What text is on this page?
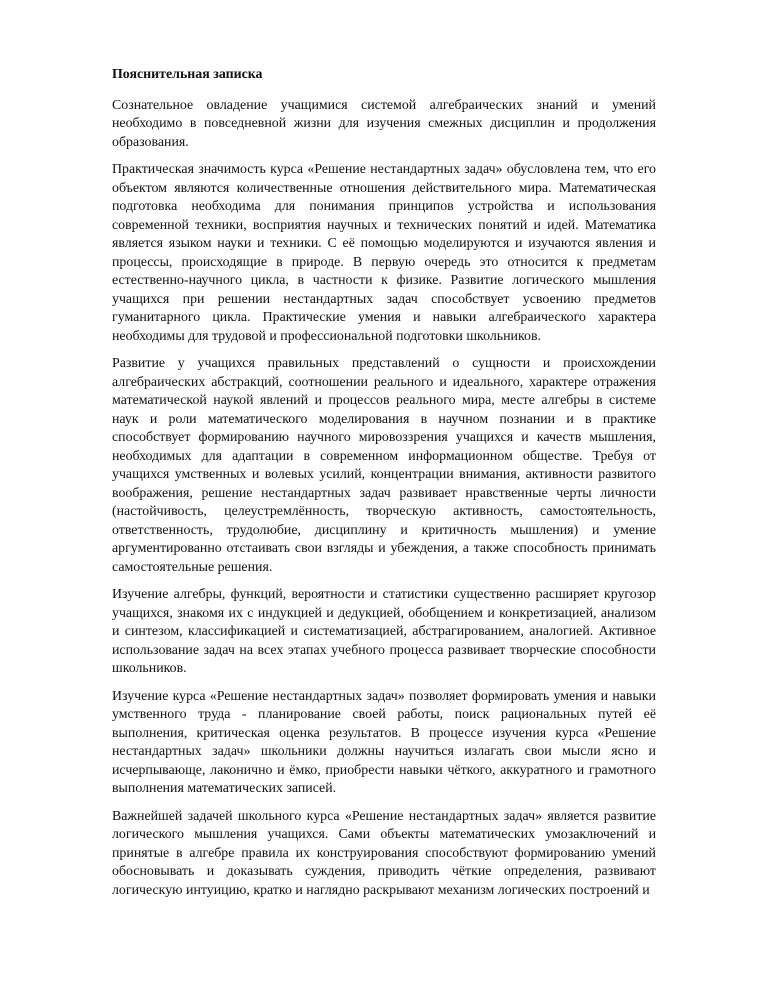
Пояснительная записка

Сознательное овладение учащимися системой алгебраических знаний и умений необходимо в повседневной жизни для изучения смежных дисциплин и продолжения образования.

Практическая значимость курса «Решение нестандартных задач» обусловлена тем, что его объектом являются количественные отношения действительного мира. Математическая подготовка необходима для понимания принципов устройства и использования современной техники, восприятия научных и технических понятий и идей. Математика является языком науки и техники. С её помощью моделируются и изучаются явления и процессы, происходящие в природе. В первую очередь это относится к предметам естественно-научного цикла, в частности к физике. Развитие логического мышления учащихся при решении нестандартных задач способствует усвоению предметов гуманитарного цикла. Практические умения и навыки алгебраического характера необходимы для трудовой и профессиональной подготовки школьников.

Развитие у учащихся правильных представлений о сущности и происхождении алгебраических абстракций, соотношении реального и идеального, характере отражения математической наукой явлений и процессов реального мира, месте алгебры в системе наук и роли математического моделирования в научном познании и в практике способствует формированию научного мировоззрения учащихся и качеств мышления, необходимых для адаптации в современном информационном обществе. Требуя от учащихся умственных и волевых усилий, концентрации внимания, активности развитого воображения, решение нестандартных задач развивает нравственные черты личности (настойчивость, целеустремлённость, творческую активность, самостоятельность, ответственность, трудолюбие, дисциплину и критичность мышления) и умение аргументированно отстаивать свои взгляды и убеждения, а также способность принимать самостоятельные решения.

Изучение алгебры, функций, вероятности и статистики существенно расширяет кругозор учащихся, знакомя их с индукцией и дедукцией, обобщением и конкретизацией, анализом и синтезом, классификацией и систематизацией, абстрагированием, аналогией. Активное использование задач на всех этапах учебного процесса развивает творческие способности школьников.

Изучение курса «Решение нестандартных задач» позволяет формировать умения и навыки умственного труда - планирование своей работы, поиск рациональных путей её выполнения, критическая оценка результатов. В процессе изучения курса «Решение нестандартных задач» школьники должны научиться излагать свои мысли ясно и исчерпывающе, лаконично и ёмко, приобрести навыки чёткого, аккуратного и грамотного выполнения математических записей.

Важнейшей задачей школьного курса «Решение нестандартных задач» является развитие логического мышления учащихся. Сами объекты математических умозаключений и принятые в алгебре правила их конструирования способствуют формированию умений обосновывать и доказывать суждения, приводить чёткие определения, развивают логическую интуицию, кратко и наглядно раскрывают механизм логических построений и
